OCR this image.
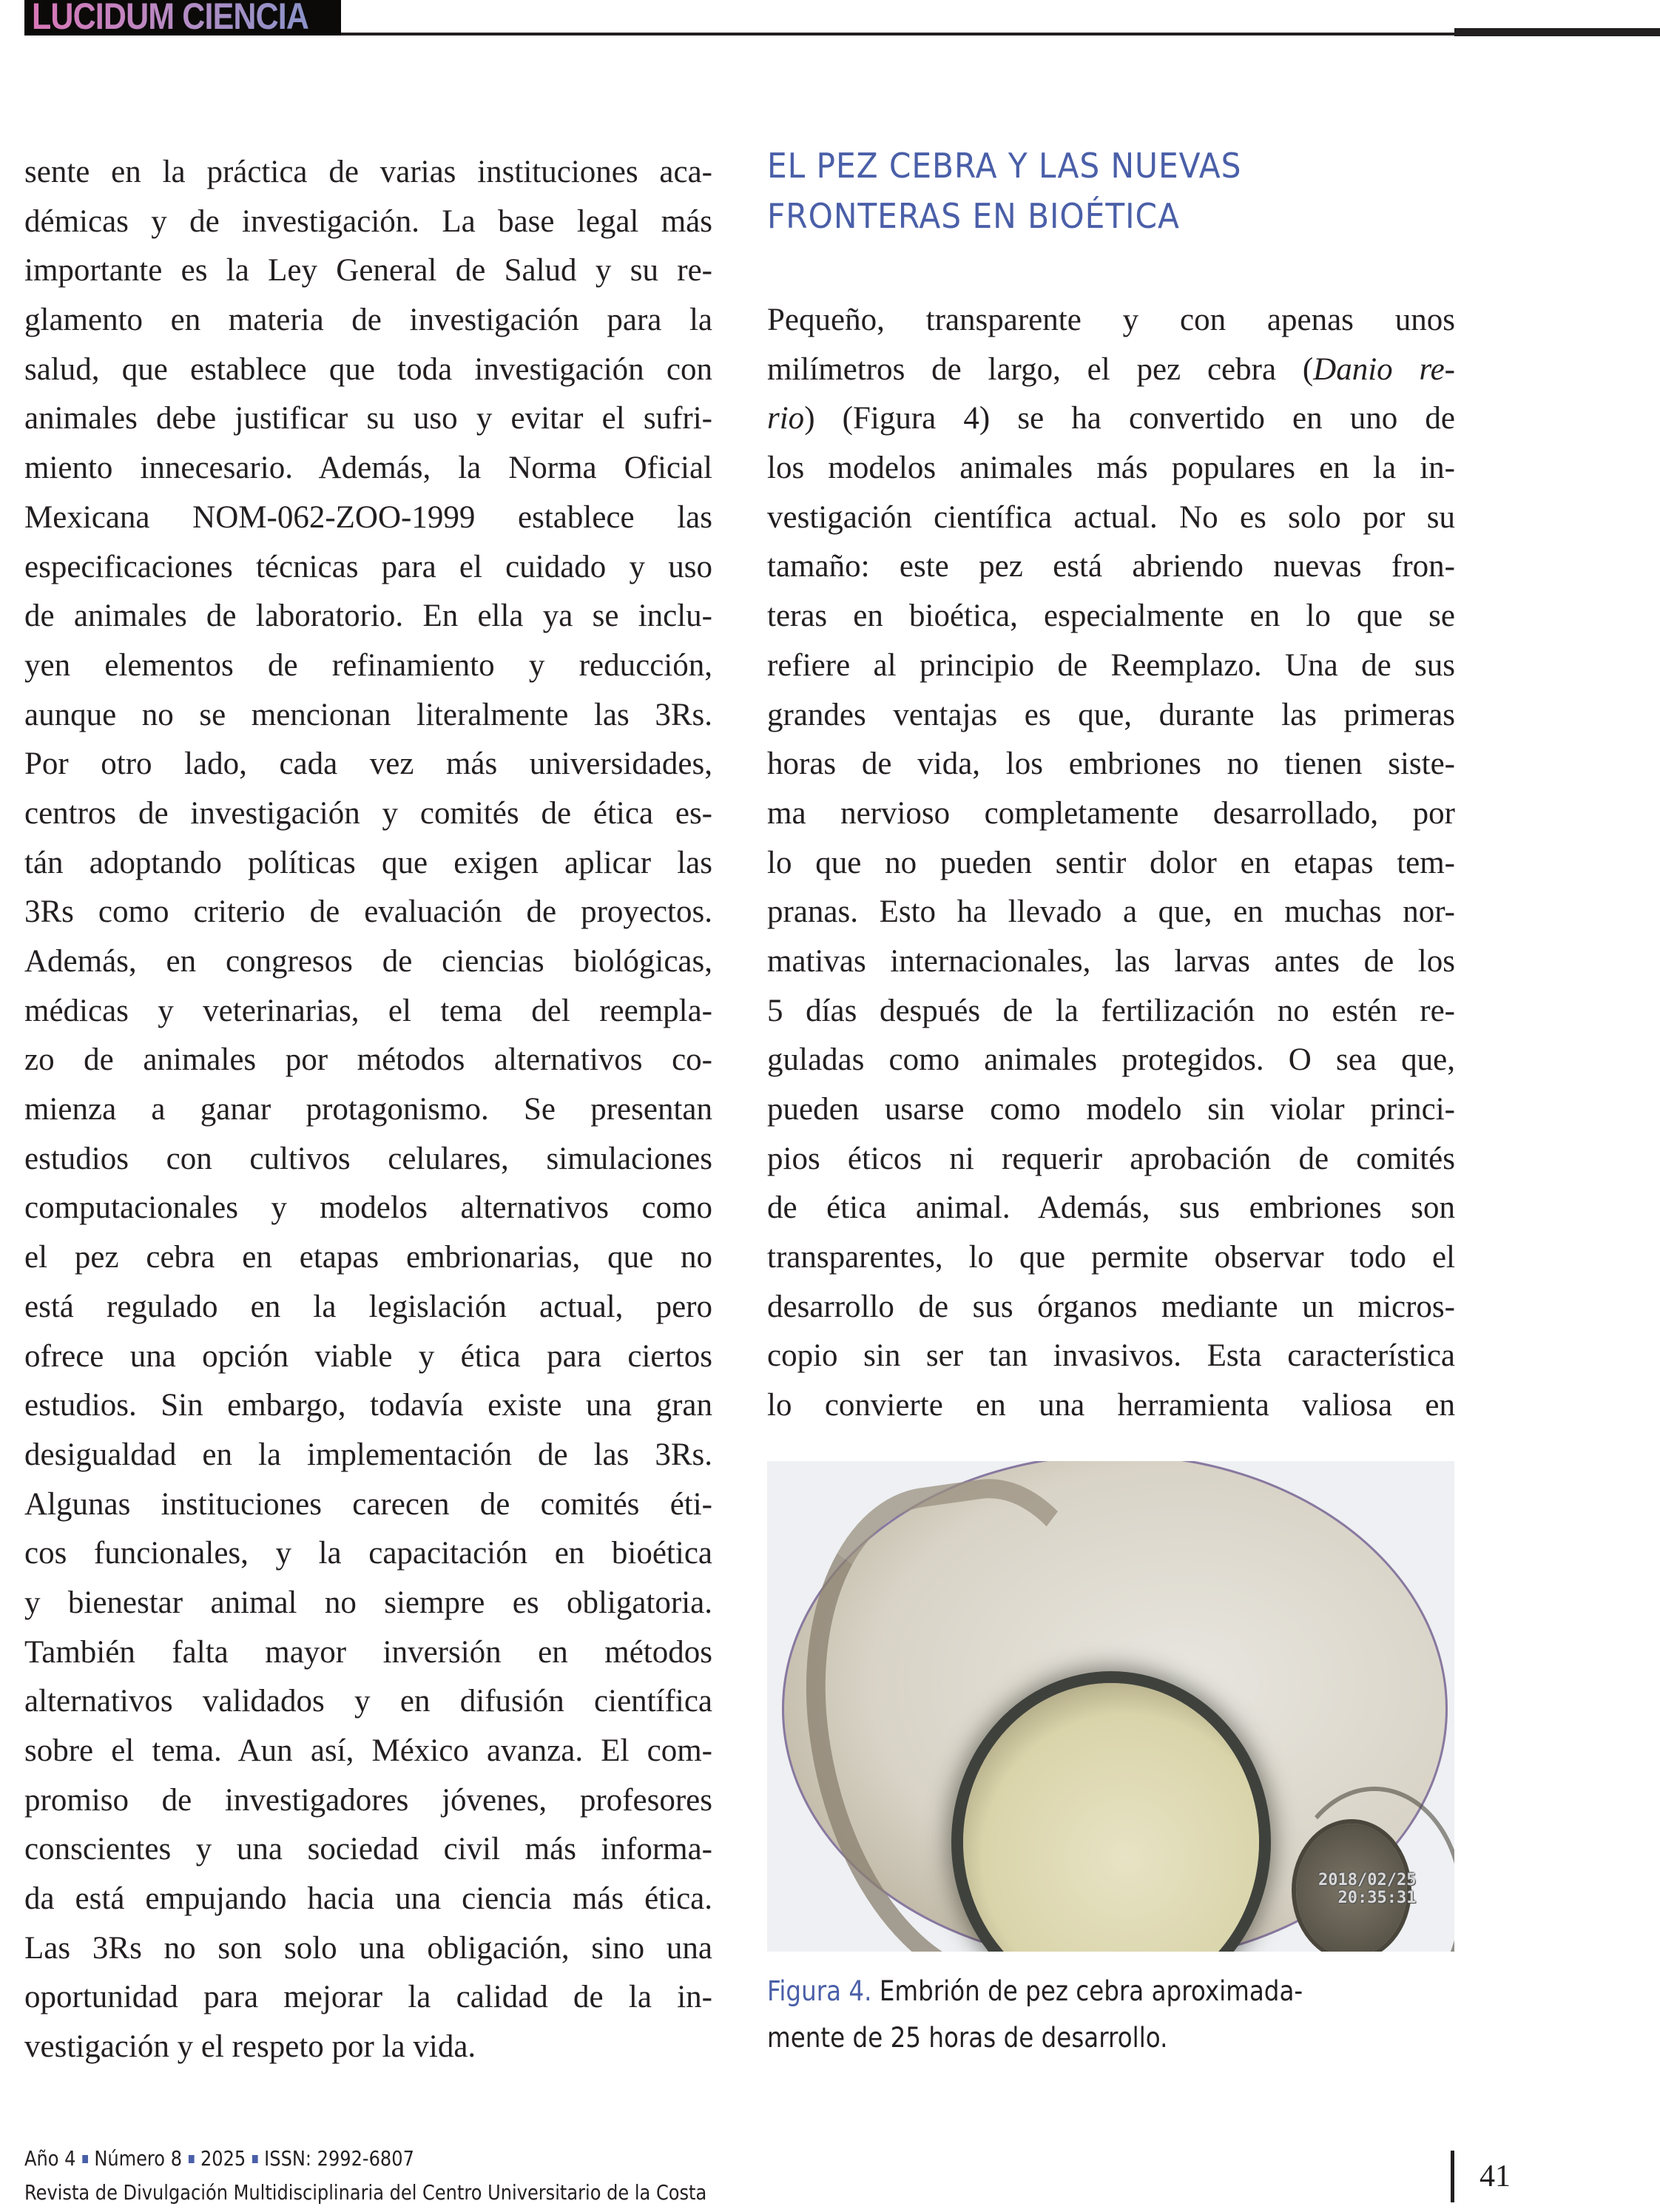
LUCIDUM CIENCIA
sente en la práctica de varias instituciones aca-
démicas y de investigación. La base legal más
importante es la Ley General de Salud y su re-
glamento en materia de investigación para la
salud, que establece que toda investigación con
animales debe justificar su uso y evitar el sufri-
miento innecesario. Además, la Norma Oficial
Mexicana NOM-062-ZOO-1999 establece las
especificaciones técnicas para el cuidado y uso
de animales de laboratorio. En ella ya se inclu-
yen elementos de refinamiento y reducción,
aunque no se mencionan literalmente las 3Rs.
Por otro lado, cada vez más universidades,
centros de investigación y comités de ética es-
tán adoptando políticas que exigen aplicar las
3Rs como criterio de evaluación de proyectos.
Además, en congresos de ciencias biológicas,
médicas y veterinarias, el tema del reempla-
zo de animales por métodos alternativos co-
mienza a ganar protagonismo. Se presentan
estudios con cultivos celulares, simulaciones
computacionales y modelos alternativos como
el pez cebra en etapas embrionarias, que no
está regulado en la legislación actual, pero
ofrece una opción viable y ética para ciertos
estudios. Sin embargo, todavía existe una gran
desigualdad en la implementación de las 3Rs.
Algunas instituciones carecen de comités éti-
cos funcionales, y la capacitación en bioética
y bienestar animal no siempre es obligatoria.
También falta mayor inversión en métodos
alternativos validados y en difusión científica
sobre el tema. Aun así, México avanza. El com-
promiso de investigadores jóvenes, profesores
conscientes y una sociedad civil más informa-
da está empujando hacia una ciencia más ética.
Las 3Rs no son solo una obligación, sino una
oportunidad para mejorar la calidad de la in-
vestigación y el respeto por la vida.
EL PEZ CEBRA Y LAS NUEVAS
FRONTERAS EN BIOÉTICA
Pequeño, transparente y con apenas unos
milímetros de largo, el pez cebra (Danio re-
rio) (Figura 4) se ha convertido en uno de
los modelos animales más populares en la in-
vestigación científica actual. No es solo por su
tamaño: este pez está abriendo nuevas fron-
teras en bioética, especialmente en lo que se
refiere al principio de Reemplazo. Una de sus
grandes ventajas es que, durante las primeras
horas de vida, los embriones no tienen siste-
ma nervioso completamente desarrollado, por
lo que no pueden sentir dolor en etapas tem-
pranas. Esto ha llevado a que, en muchas nor-
mativas internacionales, las larvas antes de los
5 días después de la fertilización no estén re-
guladas como animales protegidos. O sea que,
pueden usarse como modelo sin violar princi-
pios éticos ni requerir aprobación de comités
de ética animal. Además, sus embriones son
transparentes, lo que permite observar todo el
desarrollo de sus órganos mediante un micros-
copio sin ser tan invasivos. Esta característica
lo convierte en una herramienta valiosa en
2018/02/25
20:35:31
Figura 4. Embrión de pez cebra aproximada-
mente de 25 horas de desarrollo.
Año 4 Número 8 2025 ISSN: 2992-6807
Revista de Divulgación Multidisciplinaria del Centro Universitario de la Costa	41
